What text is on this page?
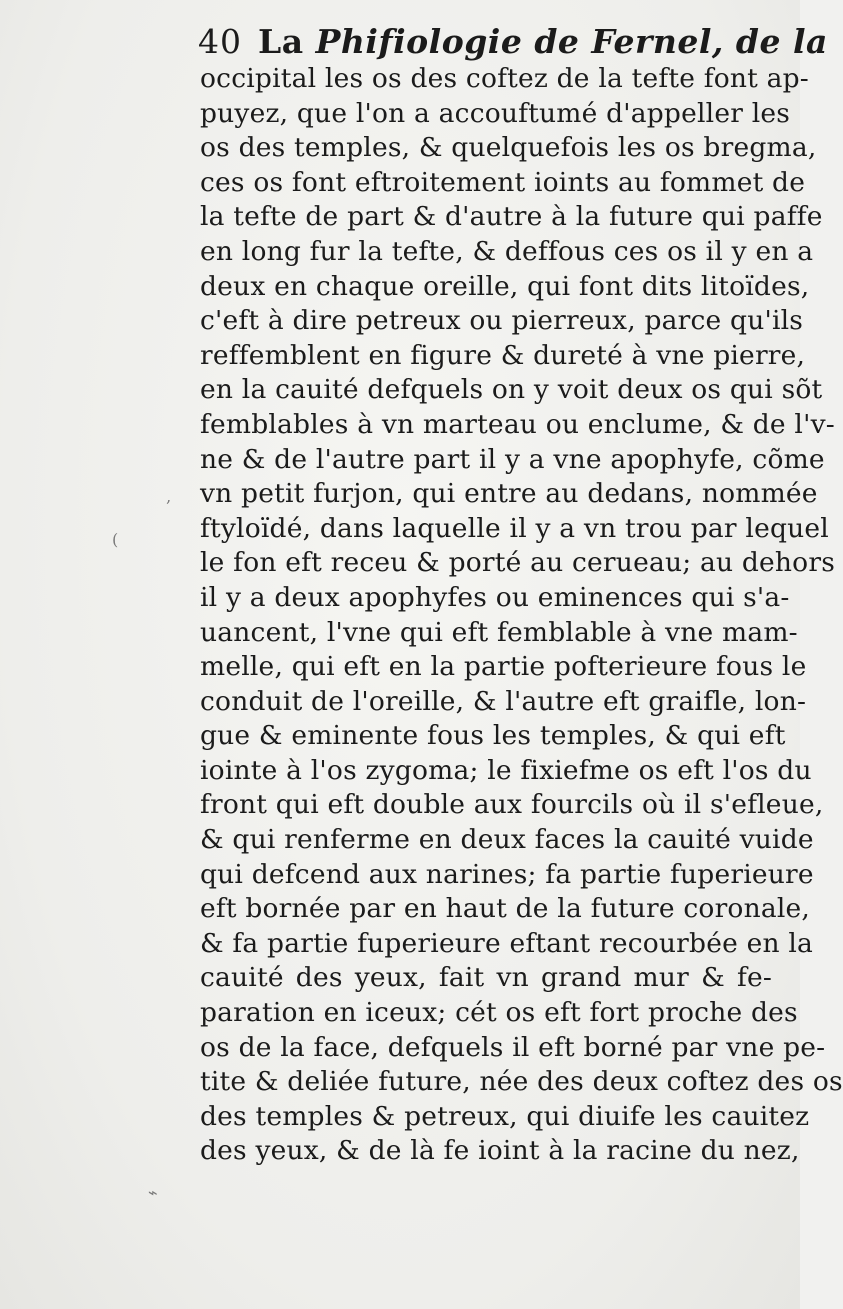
40 La Phifiologie de Fernel, de la
occipital les os des coftez de la tefte font ap-
puyez, que l'on a accouftumé d'appeller les
os des temples, & quelquefois les os bregma,
ces os font eftroitement ioints au fommet de
la tefte de part & d'autre à la future qui paffe
en long fur la tefte, & deffous ces os il y en a
deux en chaque oreille, qui font dits litoïdes,
c'eft à dire petreux ou pierreux, parce qu'ils
reffemblent en figure & dureté à vne pierre,
en la cauité defquels on y voit deux os qui sõt
femblables à vn marteau ou enclume, & de l'v-
ne & de l'autre part il y a vne apophyfe, cõme
vn petit furjon, qui entre au dedans, nommée
ftyloïdé, dans laquelle il y a vn trou par lequel
le fon eft receu & porté au cerueau; au dehors
il y a deux apophyfes ou eminences qui s'a-
uancent, l'vne qui eft femblable à vne mam-
melle, qui eft en la partie pofterieure fous le
conduit de l'oreille, & l'autre eft graifle, lon-
gue & eminente fous les temples, & qui eft
iointe à l'os zygoma; le fixiefme os eft l'os du
front qui eft double aux fourcils où il s'efleue,
& qui renferme en deux faces la cauité vuide
qui defcend aux narines; fa partie fuperieure
eft bornée par en haut de la future coronale,
& fa partie fuperieure eftant recourbée en la
cauité des yeux, fait vn grand mur & fe-
paration en iceux; cét os eft fort proche des
os de la face, defquels il eft borné par vne pe-
tite & deliée future, née des deux coftez des os
des temples & petreux, qui diuife les cauitez
des yeux, & de là fe ioint à la racine du nez,
‚
(
⌁
